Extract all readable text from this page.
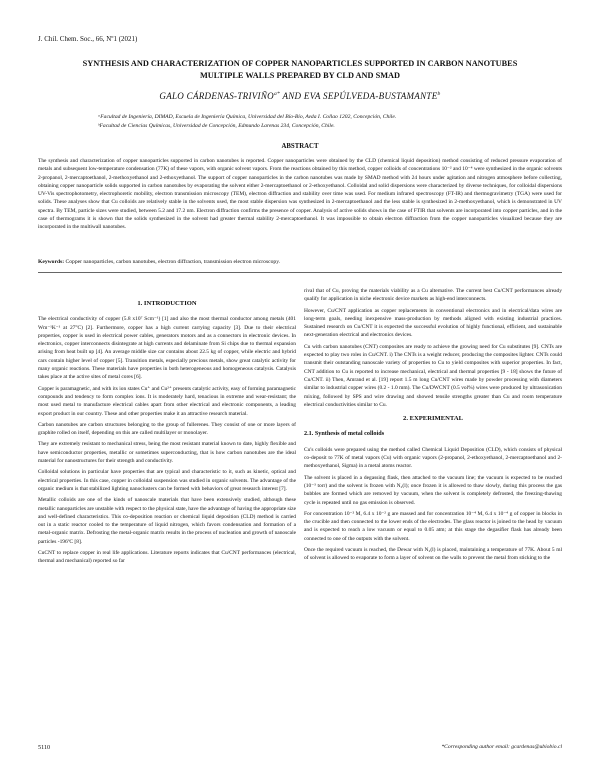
J. Chil. Chem. Soc., 66, Nº1 (2021)
SYNTHESIS AND CHARACTERIZATION OF COPPER NANOPARTICLES SUPPORTED IN CARBON NANOTUBES MULTIPLE WALLS PREPARED BY CLD AND SMAD
GALO CÁRDENAS-$TRIVIÑO^{a*}$ AND EVA SEPÚLVEDA-BUSTAMANTE$^b$

ᵃFacultad de Ingeniería, DIMAD, Escuela de Ingeniería Química, Universidad del Bío-Bío, Avda I. Collao 1202, Concepción, Chile.

ᵇFacultad de Ciencias Químicas, Universidad de Concepción, Edmundo Larenas 234, Concepción, Chile.

ABSTRACT

The synthesis and characterization of copper nanoparticles supported in carbon nanotubes is reported. Copper nanoparticles were obtained by the CLD (chemical liquid deposition) method consisting of reduced pressure evaporation of metals and subsequent low-temperature condensation (77K) of these vapors, with organic solvent vapors. From the reactions obtained by this method, copper colloids of concentrations 10⁻² and 10⁻⁴ were synthesized in the organic solvents 2-propanol, 2-mercaptoethanol, 2-methoxyethanol and 2-ethoxyethanol. The support of copper nanoparticles in the carbon nanotubes was made by SMAD method with 24 hours under agitation and nitrogen atmosphere before collecting, obtaining copper nanoparticle solids supported in carbon nanotubes by evaporating the solvent either 2-mercaptoethanol or 2-ethoxyethanol. Colloidal and solid dispersions were characterized by diverse techniques, for colloidal dispersions UV-Vis spectrophotometry, electrophoretic mobility, electron transmission microscopy (TEM), electron diffraction and stability over time was used. For medium infrared spectroscopy (FT-IR) and thermogravimetry (TGA) were used for solids. These analyses show that Cu colloids are relatively stable in the solvents used, the most stable dispersion was synthesized in 2-mercaptoethanol and the less stable is synthesized in 2-methoxyethanol, which is demonstrated in UV spectra. By TEM, particle sizes were studied, between 5.2 and 17.2 nm. Electron diffraction confirms the presence of copper. Analysis of active solids shows in the case of FTIR that solvents are incorporated into copper particles, and in the case of thermograms it is shown that the solids synthesized in the solvent had greater thermal stability 2-mercaptoethanol. It was impossible to obtain electron diffraction from the copper nanoparticles visualized because they are incorporated in the multiwall nanotubes.

Keywords: Copper nanoparticles, carbon nanotubes, electron diffraction, transmission electron microscopy.

1. INTRODUCTION

The electrical conductivity of copper (5.8 x10⁷ Scm⁻¹) [1] and also the most thermal conductor among metals (401 Wm⁻¹K⁻¹ at 27°C) [2]. Furthermore, copper has a high current carrying capacity [3]. Due to their electrical properties, copper is used in electrical power cables, generators motors and as a connectors in electronic devices. In electronics, copper interconnects disintegrate at high currents and delaminate from Si chips due to thermal expansion arising from heat built up [4]. An average middle size car contains about 22.5 kg of copper, while electric and hybrid cars contain higher level of copper [5]. Transition metals, especially precious metals, show great catalytic activity for many organic reactions. These materials have properties in both heterogeneous and homogeneous catalysis. Catalysis takes place at the active sites of metal cores [6].

Copper is paramagnetic, and with its ion states Cu⁺ and Cu²⁺ presents catalytic activity, easy of forming paramagnetic compounds and tendency to form complex ions. It is moderately hard, tenacious in extreme and wear-resistant; the most used metal to manufacture electrical cables apart from other electrical and electronic components, a leading export product in our country. These and other properties make it an attractive research material.

Carbon nanotubes are carbon structures belonging to the group of fullerenes. They consist of one or more layers of graphite rolled on itself, depending on this are called multilayer or monolayer.

They are extremely resistant to mechanical stress, being the most resistant material known to date, highly flexible and have semiconductor properties, metallic or sometimes superconducting, that is how carbon nanotubes are the ideal material for nanostructures for their strength and conductivity.

Colloidal solutions in particular have properties that are typical and characteristic to it, such as kinetic, optical and electrical properties. In this case, copper in colloidal suspension was studied in organic solvents. The advantage of the organic medium is that stabilized lighting nanoclusters can be formed with behaviors of great research interest [7].

Metallic colloids are one of the kinds of nanoscale materials that have been extensively studied, although these metallic nanoparticles are unstable with respect to the physical state, have the advantage of having the appropriate size and well-defined characteristics. This co-deposition reaction or chemical liquid deposition (CLD) method is carried out in a static reactor cooled to the temperature of liquid nitrogen, which favors condensation and formation of a metal-organic matrix. Defrosting the metal-organic matrix results in the process of nucleation and growth of nanoscale particles -196ºC [8].

CuCNT to replace copper in real life applications. Literature reports indicates that Cu/CNT performances (electrical, thermal and mechanical) reported so far

rival that of Cu, proving the materials viability as a Cu alternative. The current best Cu/CNT performances already qualify for application in niche electronic device markets as high-end interconnects.

However, Cu/CNT application as copper replacements in conventional electronics and in electrical/data wires are long-term goals, needing inexpensive mass-production by methods aligned with existing industrial practices. Sustained research on Cu/CNT it is expected the successful evolution of highly functional, efficient, and sustainable next-generation electrical and electronics devices.

Cu with carbon nanotubes (CNT) composites are ready to achieve the growing need for Cu substitutes [9]. CNTs are expected to play two roles in Cu/CNT. i) The CNTs is a weight reducer, producing the composites lighter. CNTs could transmit their outstanding nanoscale variety of properties to Cu to yield composites with superior properties. In fact, CNT addition to Cu is reported to increase mechanical, electrical and thermal properties [9 - 18] shows the future of Cu/CNT. ii) Then, Amrand et al. [19] report 1.5 m long Cu/CNT wires made by powder processing with diameters similar to industrial copper wires (0.2 - 1.0 mm). The Cu/DWCNT (0.5 vol%) wires were produced by ultrasonication mixing, followed by SPS and wire drawing and showed tensile strengths greater than Cu and room temperature electrical conductivities similar to Cu.

2. EXPERIMENTAL
2.1. Synthesis of metal colloids

Cu's colloids were prepared using the method called Chemical Liquid Deposition (CLD), which consists of physical co-deposit to 77K of metal vapors (Cu) with organic vapors (2-propanol, 2-ethoxyethanol, 2-mercaptoethanol and 2-methoxyethanol, Sigma) in a metal atoms reactor.

The solvent is placed in a degassing flask, then attached to the vacuum line; the vacuum is expected to be reached (10⁻³ torr) and the solvent is frozen with N₂(l); once frozen it is allowed to thaw slowly, during this process the gas bubbles are formed which are removed by vacuum, when the solvent is completely defrosted, the freezing-thawing cycle is repeated until no gas emission is observed.

For concentration 10⁻² M, 6.4 x 10⁻² g are massed and for concentration 10⁻⁴ M, 6.4 x 10⁻⁴ g of copper in blocks in the crucible and then connected to the lower ends of the electrodes. The glass reactor is joined to the head by vacuum and is expected to reach a low vacuum or equal to 0.05 atm; at this stage the degasifier flask has already been connected to one of the outputs with the solvent.

Once the required vacuum is reached, the Dewar with N₂(l) is placed, maintaining a temperature of 77K. About 5 ml of solvent is allowed to evaporate to form a layer of solvent on the walls to prevent the metal from sticking to the

5110	*Corresponding author email: gcardenas@ubiobio.cl
